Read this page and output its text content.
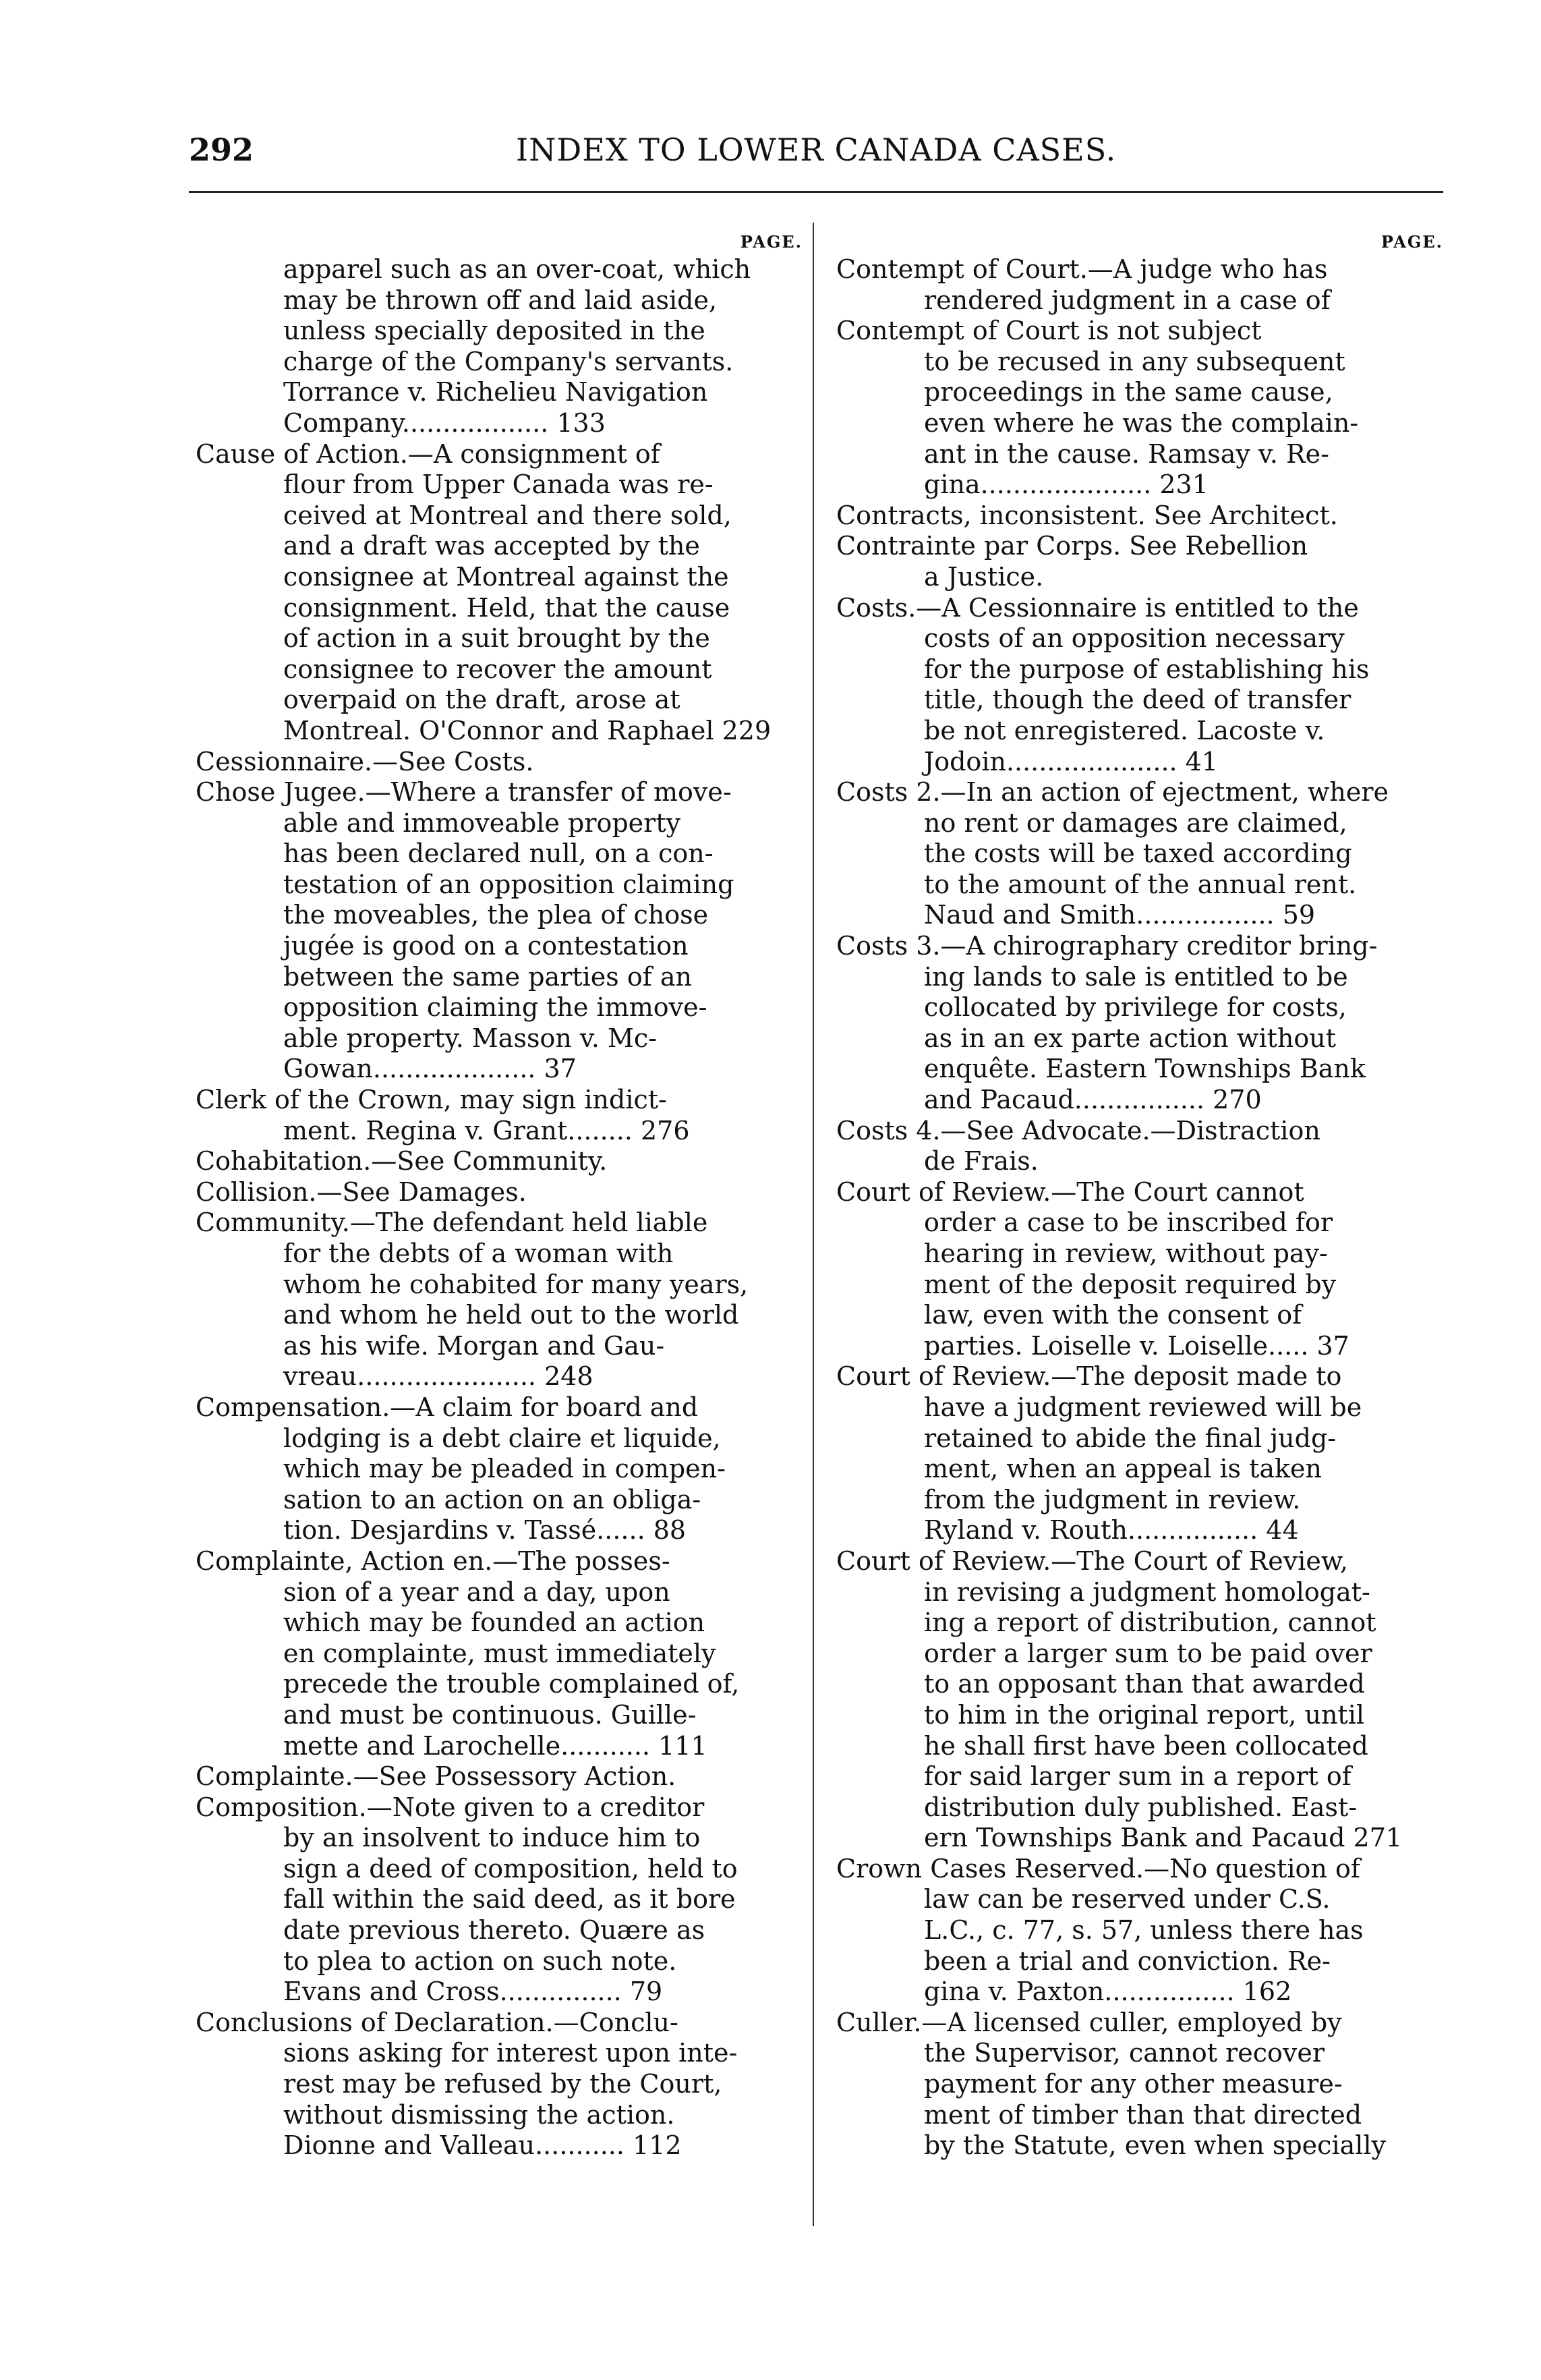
292	INDEX TO LOWER CANADA CASES.
PAGE.
apparel such as an over-coat, which
may be thrown off and laid aside,
unless specially deposited in the
charge of the Company's servants.
Torrance v. Richelieu Navigation
Company.................. 133
Cause of Action.—A consignment of
flour from Upper Canada was re-
ceived at Montreal and there sold,
and a draft was accepted by the
consignee at Montreal against the
consignment. Held, that the cause
of action in a suit brought by the
consignee to recover the amount
overpaid on the draft, arose at
Montreal. O'Connor and Raphael 229
Cessionnaire.—See Costs.
Chose Jugee.—Where a transfer of move-
able and immoveable property
has been declared null, on a con-
testation of an opposition claiming
the moveables, the plea of chose
jugée is good on a contestation
between the same parties of an
opposition claiming the immove-
able property. Masson v. Mc-
Gowan.................... 37
Clerk of the Crown, may sign indict-
ment. Regina v. Grant........ 276
Cohabitation.—See Community.
Collision.—See Damages.
Community.—The defendant held liable
for the debts of a woman with
whom he cohabited for many years,
and whom he held out to the world
as his wife. Morgan and Gau-
vreau...................... 248
Compensation.—A claim for board and
lodging is a debt claire et liquide,
which may be pleaded in compen-
sation to an action on an obliga-
tion. Desjardins v. Tassé...... 88
Complainte, Action en.—The posses-
sion of a year and a day, upon
which may be founded an action
en complainte, must immediately
precede the trouble complained of,
and must be continuous. Guille-
mette and Larochelle........... 111
Complainte.—See Possessory Action.
Composition.—Note given to a creditor
by an insolvent to induce him to
sign a deed of composition, held to
fall within the said deed, as it bore
date previous thereto. Quære as
to plea to action on such note.
Evans and Cross............... 79
Conclusions of Declaration.—Conclu-
sions asking for interest upon inte-
rest may be refused by the Court,
without dismissing the action.
Dionne and Valleau........... 112
PAGE.
Contempt of Court.—A judge who has
rendered judgment in a case of
Contempt of Court is not subject
to be recused in any subsequent
proceedings in the same cause,
even where he was the complain-
ant in the cause. Ramsay v. Re-
gina..................... 231
Contracts, inconsistent. See Architect.
Contrainte par Corps. See Rebellion
a Justice.
Costs.—A Cessionnaire is entitled to the
costs of an opposition necessary
for the purpose of establishing his
title, though the deed of transfer
be not enregistered. Lacoste v.
Jodoin..................... 41
Costs 2.—In an action of ejectment, where
no rent or damages are claimed,
the costs will be taxed according
to the amount of the annual rent.
Naud and Smith................. 59
Costs 3.—A chirographary creditor bring-
ing lands to sale is entitled to be
collocated by privilege for costs,
as in an ex parte action without
enquête. Eastern Townships Bank
and Pacaud................ 270
Costs 4.—See Advocate.—Distraction
de Frais.
Court of Review.—The Court cannot
order a case to be inscribed for
hearing in review, without pay-
ment of the deposit required by
law, even with the consent of
parties. Loiselle v. Loiselle..... 37
Court of Review.—The deposit made to
have a judgment reviewed will be
retained to abide the final judg-
ment, when an appeal is taken
from the judgment in review.
Ryland v. Routh................ 44
Court of Review.—The Court of Review,
in revising a judgment homologat-
ing a report of distribution, cannot
order a larger sum to be paid over
to an opposant than that awarded
to him in the original report, until
he shall first have been collocated
for said larger sum in a report of
distribution duly published. East-
ern Townships Bank and Pacaud 271
Crown Cases Reserved.—No question of
law can be reserved under C.S.
L.C., c. 77, s. 57, unless there has
been a trial and conviction. Re-
gina v. Paxton................ 162
Culler.—A licensed culler, employed by
the Supervisor, cannot recover
payment for any other measure-
ment of timber than that directed
by the Statute, even when specially
